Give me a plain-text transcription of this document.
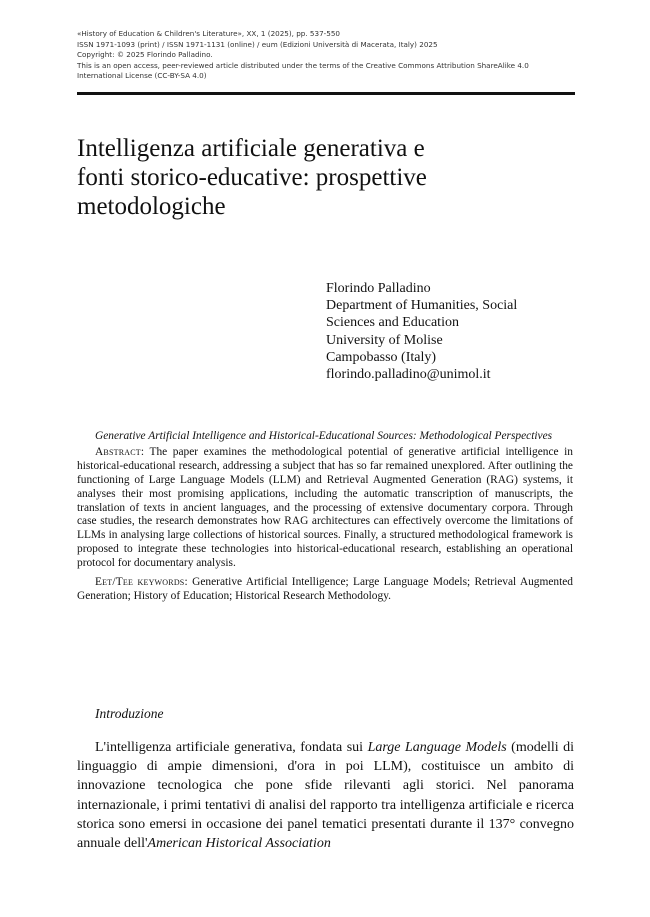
«History of Education & Children's Literature», XX, 1 (2025), pp. 537-550
ISSN 1971-1093 (print) / ISSN 1971-1131 (online) / eum (Edizioni Università di Macerata, Italy) 2025
Copyright: © 2025 Florindo Palladino.
This is an open access, peer-reviewed article distributed under the terms of the Creative Commons Attribution ShareAlike 4.0
International License (CC-BY-SA 4.0)
Intelligenza artificiale generativa e
fonti storico-educative: prospettive
metodologiche
Florindo Palladino
Department of Humanities, Social
Sciences and Education
University of Molise
Campobasso (Italy)
florindo.palladino@unimol.it
Generative Artificial Intelligence and Historical-Educational Sources: Methodological Perspectives
Abstract: The paper examines the methodological potential of generative artificial intelligence in historical-educational research, addressing a subject that has so far remained unexplored. After outlining the functioning of Large Language Models (LLM) and Retrieval Augmented Generation (RAG) systems, it analyses their most promising applications, including the automatic transcription of manuscripts, the translation of texts in ancient languages, and the processing of extensive documentary corpora. Through case studies, the research demonstrates how RAG architectures can effectively overcome the limitations of LLMs in analysing large collections of historical sources. Finally, a structured methodological framework is proposed to integrate these technologies into historical-educational research, establishing an operational protocol for documentary analysis.
Eet/Tee keywords: Generative Artificial Intelligence; Large Language Models; Retrieval Augmented Generation; History of Education; Historical Research Methodology.
Introduzione
L'intelligenza artificiale generativa, fondata sui Large Language Models (modelli di linguaggio di ampie dimensioni, d'ora in poi LLM), costituisce un ambito di innovazione tecnologica che pone sfide rilevanti agli storici. Nel panorama internazionale, i primi tentativi di analisi del rapporto tra intelligenza artificiale e ricerca storica sono emersi in occasione dei panel tematici presentati durante il 137° convegno annuale dell'American Historical Association
